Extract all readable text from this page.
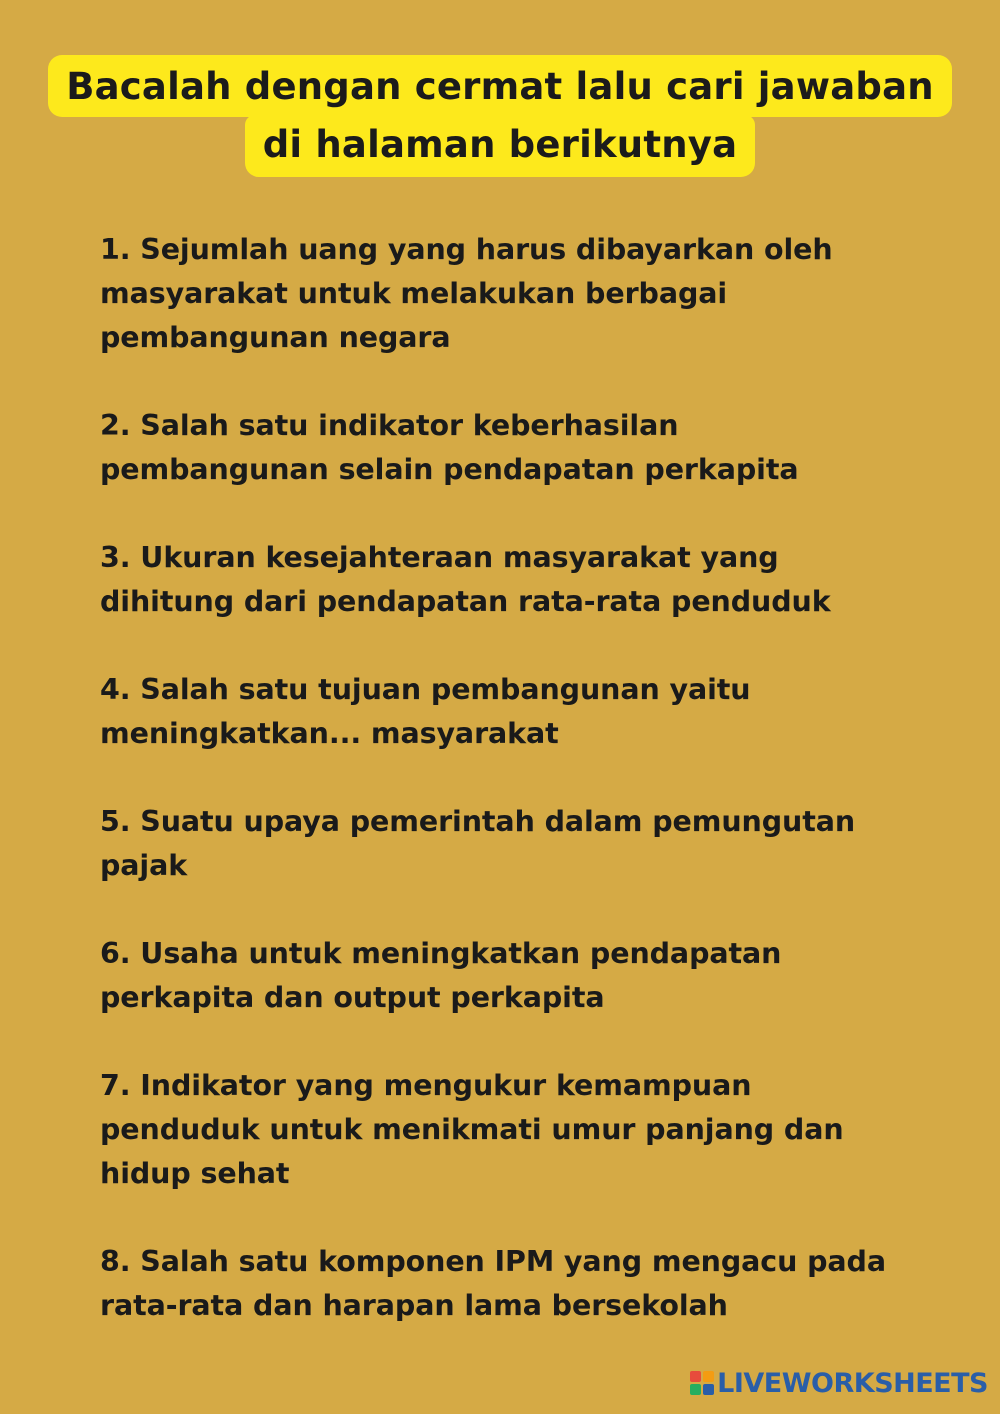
Bacalah dengan cermat lalu cari jawaban
di halaman berikutnya
1. Sejumlah uang yang harus dibayarkan oleh
masyarakat untuk melakukan berbagai
pembangunan negara
2. Salah satu indikator keberhasilan
pembangunan selain pendapatan perkapita
3. Ukuran kesejahteraan masyarakat yang
dihitung dari pendapatan rata-rata penduduk
4. Salah satu tujuan pembangunan yaitu
meningkatkan... masyarakat
5. Suatu upaya pemerintah dalam pemungutan
pajak
6. Usaha untuk meningkatkan pendapatan
perkapita dan output perkapita
7. Indikator yang mengukur kemampuan
penduduk untuk menikmati umur panjang dan
hidup sehat
8. Salah satu komponen IPM yang mengacu pada
rata-rata dan harapan lama bersekolah
LIVEWORKSHEETS
